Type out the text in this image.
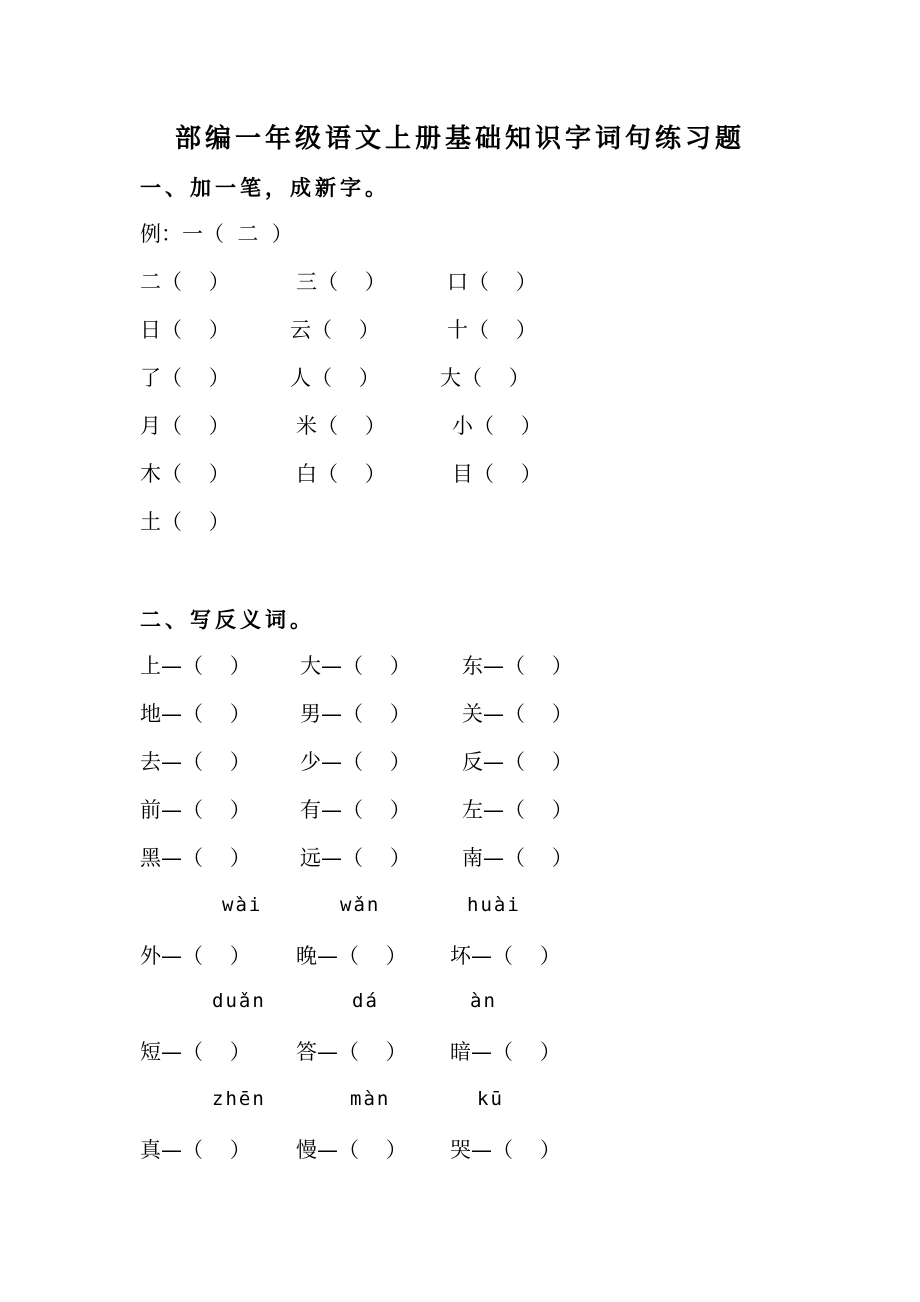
部编一年级语文上册基础知识字词句练习题
一、加一笔，成新字。
例：一（  二  ）
二（    ）	三（    ）	口（    ）
日（    ）	云（    ）	十（    ）
了（    ）	人（    ）	大（    ）
月（    ）	米（    ）	小（    ）
木（    ）	白（    ）	目（    ）
土（    ）
二、写反义词。
上—（    ） 大—（    ） 东—（    ）
地—（    ） 男—（    ） 关—（    ）
去—（    ） 少—（    ） 反—（    ）
前—（    ） 有—（    ） 左—（    ）
黑—（    ） 远—（    ） 南—（    ）
wài	wǎn	huài
外—（    ） 晚—（    ） 坏—（    ）
duǎn	dá	àn
短—（    ） 答—（    ） 暗—（    ）
zhēn	màn	kū
真—（    ） 慢—（    ） 哭—（    ）
